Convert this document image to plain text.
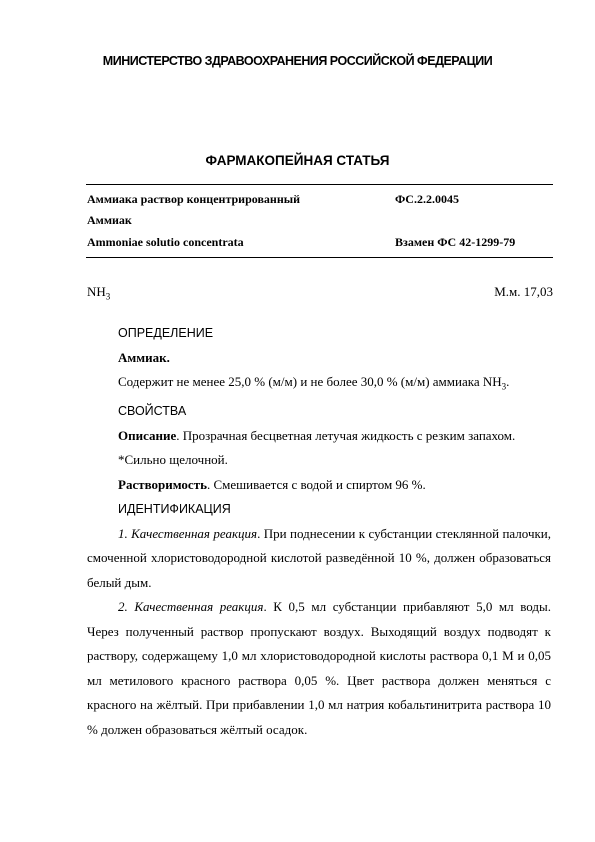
МИНИСТЕРСТВО ЗДРАВООХРАНЕНИЯ РОССИЙСКОЙ ФЕДЕРАЦИИ
ФАРМАКОПЕЙНАЯ СТАТЬЯ
Аммиака раствор концентрированный	ФС.2.2.0045
Аммиак
Ammoniae solutio concentrata	Взамен ФС 42-1299-79
$NH_3$	М.м. 17,03

ОПРЕДЕЛЕНИЕ

Аммиак.

Содержит не менее 25,0 % (м/м) и не более 30,0 % (м/м) аммиака $NH_3$.

СВОЙСТВА

Описание. Прозрачная бесцветная летучая жидкость с резким запахом.

*Сильно щелочной.

Растворимость. Смешивается с водой и спиртом 96 %.

ИДЕНТИФИКАЦИЯ

1. Качественная реакция. При поднесении к субстанции стеклянной палочки, смоченной хлористоводородной кислотой разведённой 10 %, должен образоваться белый дым.

2. Качественная реакция. К 0,5 мл субстанции прибавляют 5,0 мл воды. Через полученный раствор пропускают воздух. Выходящий воздух подводят к раствору, содержащему 1,0 мл хлористоводородной кислоты раствора 0,1 М и 0,05 мл метилового красного раствора 0,05 %. Цвет раствора должен меняться с красного на жёлтый. При прибавлении 1,0 мл натрия кобальтинитрита раствора 10 % должен образоваться жёлтый осадок.
